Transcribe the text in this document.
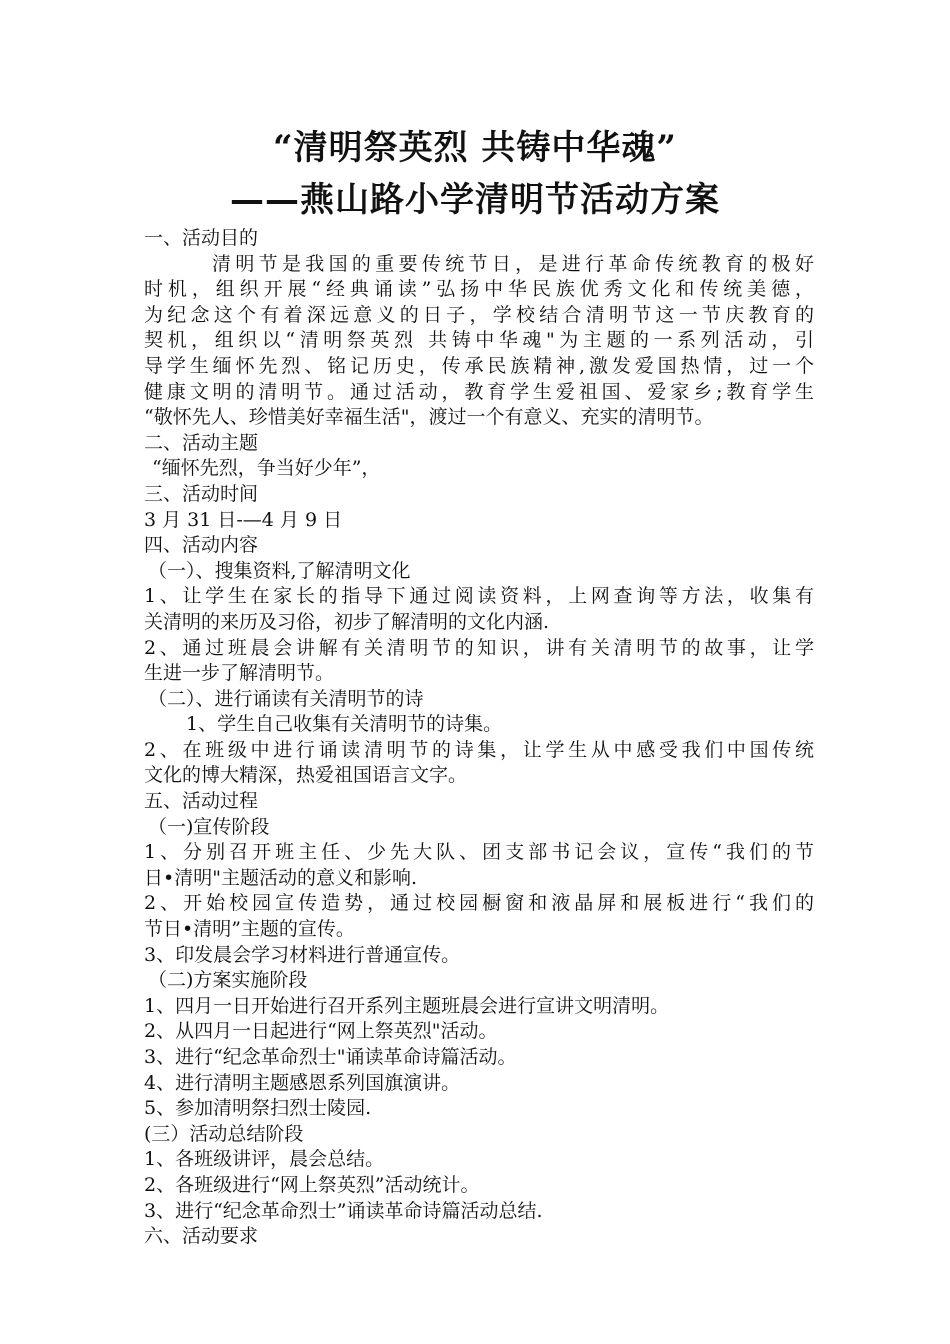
“清明祭英烈 共铸中华魂”
——燕山路小学清明节活动方案
一、活动目的
清明节是我国的重要传统节日，是进行革命传统教育的极好
时机，组织开展“经典诵读”弘扬中华民族优秀文化和传统美德，
为纪念这个有着深远意义的日子，学校结合清明节这一节庆教育的
契机，组织以“清明祭英烈 共铸中华魂"为主题的一系列活动，引
导学生缅怀先烈、铭记历史，传承民族精神,激发爱国热情，过一个
健康文明的清明节。通过活动，教育学生爱祖国、爱家乡;教育学生
“敬怀先人、珍惜美好幸福生活"，渡过一个有意义、充实的清明节。
二、活动主题
“缅怀先烈，争当好少年”，
三、活动时间
3 月 31 日-—4 月 9 日
四、活动内容
（一）、搜集资料,了解清明文化
1、让学生在家长的指导下通过阅读资料，上网查询等方法，收集有
关清明的来历及习俗，初步了解清明的文化内涵.
2、通过班晨会讲解有关清明节的知识，讲有关清明节的故事，让学
生进一步了解清明节。
（二）、进行诵读有关清明节的诗
1、学生自己收集有关清明节的诗集。
2、在班级中进行诵读清明节的诗集，让学生从中感受我们中国传统
文化的博大精深，热爱祖国语言文字。
五、活动过程
（一)宣传阶段
1、分别召开班主任、少先大队、团支部书记会议，宣传“我们的节
日•清明"主题活动的意义和影响.
2、开始校园宣传造势，通过校园橱窗和液晶屏和展板进行“我们的
节日•清明”主题的宣传。
3、印发晨会学习材料进行普通宣传。
（二)方案实施阶段
1、四月一日开始进行召开系列主题班晨会进行宣讲文明清明。
2、从四月一日起进行“网上祭英烈"活动。
3、进行“纪念革命烈士"诵读革命诗篇活动。
4、进行清明主题感恩系列国旗演讲。
5、参加清明祭扫烈士陵园.
(三）活动总结阶段
1、各班级讲评，晨会总结。
2、各班级进行“网上祭英烈”活动统计。
3、进行“纪念革命烈士”诵读革命诗篇活动总结.
六、活动要求
